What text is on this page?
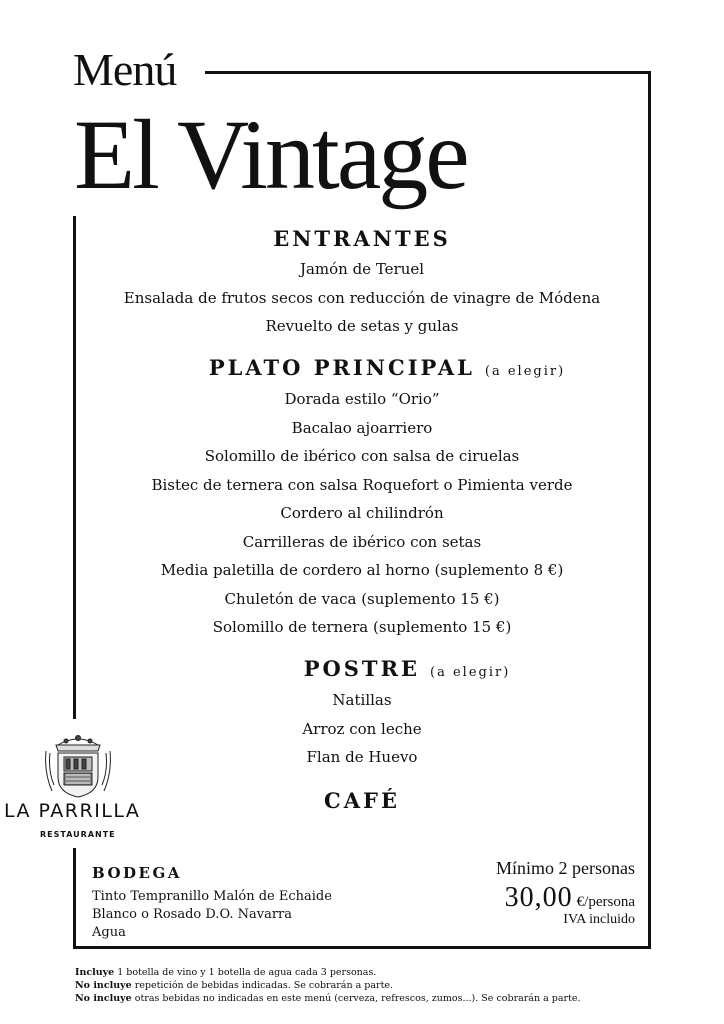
Menú
El Vintage
ENTRANTES
Jamón de Teruel
Ensalada de frutos secos con reducción de vinagre de Módena
Revuelto de setas y gulas
PLATO PRINCIPAL (a elegir)
Dorada estilo “Orio”
Bacalao ajoarriero
Solomillo de ibérico con salsa de ciruelas
Bistec de ternera con salsa Roquefort o Pimienta verde
Cordero al chilindrón
Carrilleras de ibérico con setas
Media paletilla de cordero al horno (suplemento 8 €)
Chuletón de vaca (suplemento 15 €)
Solomillo de ternera (suplemento 15 €)
POSTRE (a elegir)
Natillas
Arroz con leche
Flan de Huevo
CAFÉ
LA PARRILLA
RESTAURANTE
BODEGA
Tinto Tempranillo Malón de Echaide
Blanco o Rosado D.O. Navarra
Agua
Mínimo 2 personas
30,00 €/persona
IVA incluido
Incluye 1 botella de vino y 1 botella de agua cada 3 personas.
No incluye repetición de bebidas indicadas. Se cobrarán a parte.
No incluye otras bebidas no indicadas en este menú (cerveza, refrescos, zumos...). Se cobrarán a parte.
